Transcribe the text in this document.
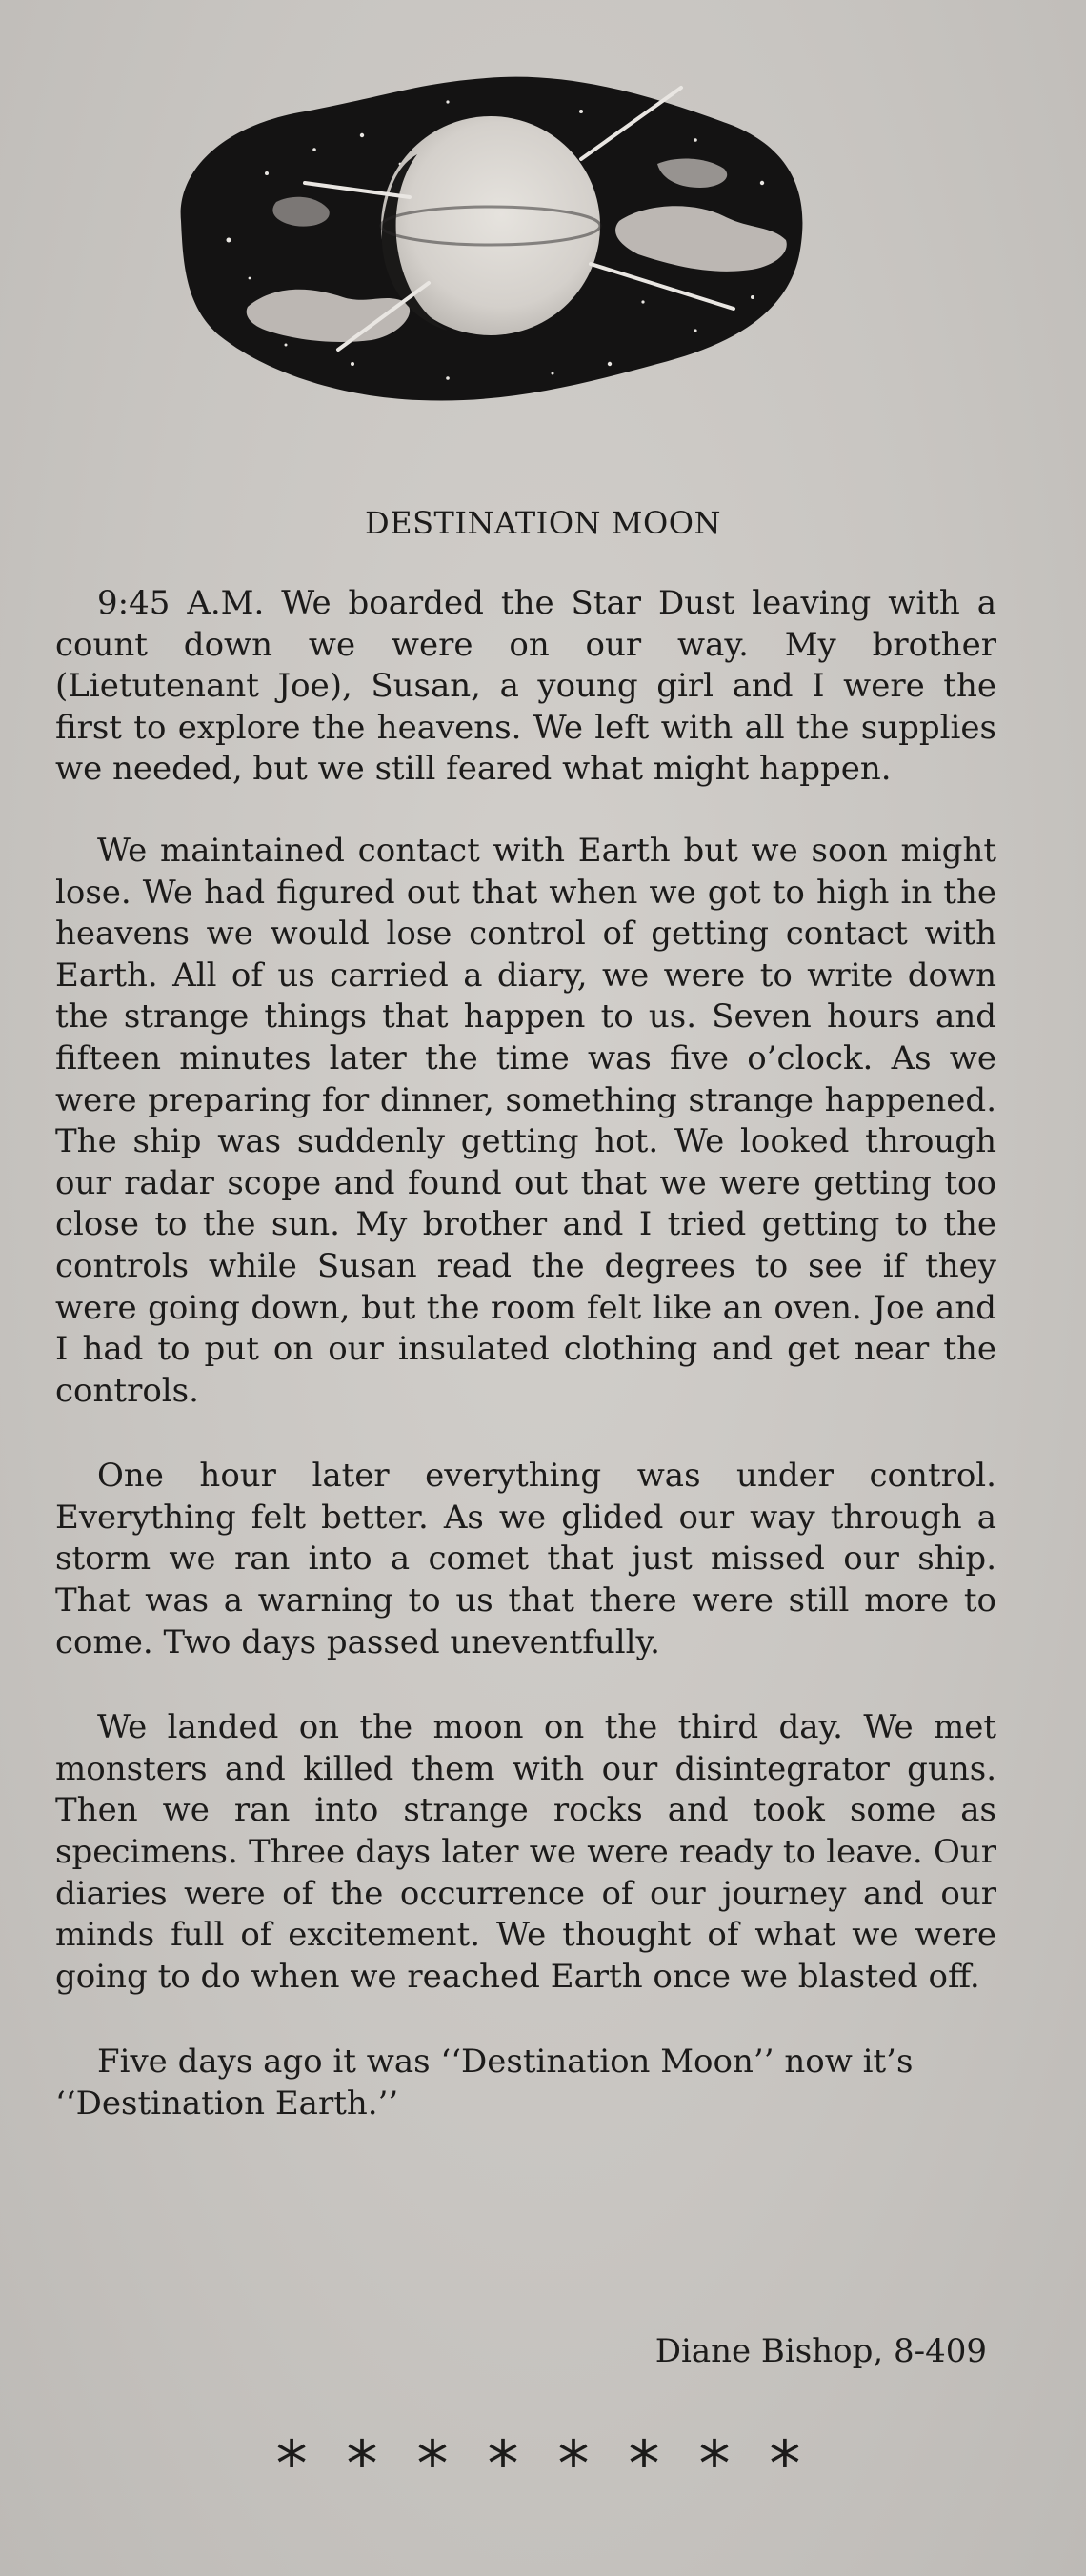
DESTINATION MOON

9:45 A.M. We boarded the Star Dust leaving with a count down we were on our way. My brother (Lietutenant Joe), Susan, a young girl and I were the first to explore the heavens. We left with all the supplies we needed, but we still feared what might happen.

We maintained contact with Earth but we soon might lose. We had figured out that when we got to high in the heavens we would lose control of getting contact with Earth. All of us carried a diary, we were to write down the strange things that happen to us. Seven hours and fifteen minutes later the time was five o’clock. As we were preparing for dinner, something strange happened. The ship was suddenly getting hot. We looked through our radar scope and found out that we were getting too close to the sun. My brother and I tried getting to the controls while Susan read the degrees to see if they were going down, but the room felt like an oven. Joe and I had to put on our insulated clothing and get near the controls.

One hour later everything was under control. Everything felt better. As we glided our way through a storm we ran into a comet that just missed our ship. That was a warning to us that there were still more to come. Two days passed uneventfully.

We landed on the moon on the third day. We met monsters and killed them with our disintegrator guns. Then we ran into strange rocks and took some as specimens. Three days later we were ready to leave. Our diaries were of the occurrence of our journey and our minds full of excitement. We thought of what we were going to do when we reached Earth once we blasted off.

Five days ago it was ‘‘Destination Moon’’ now it’s ‘‘Destination Earth.’’

Diane Bishop, 8-409

* * * * * * * *
